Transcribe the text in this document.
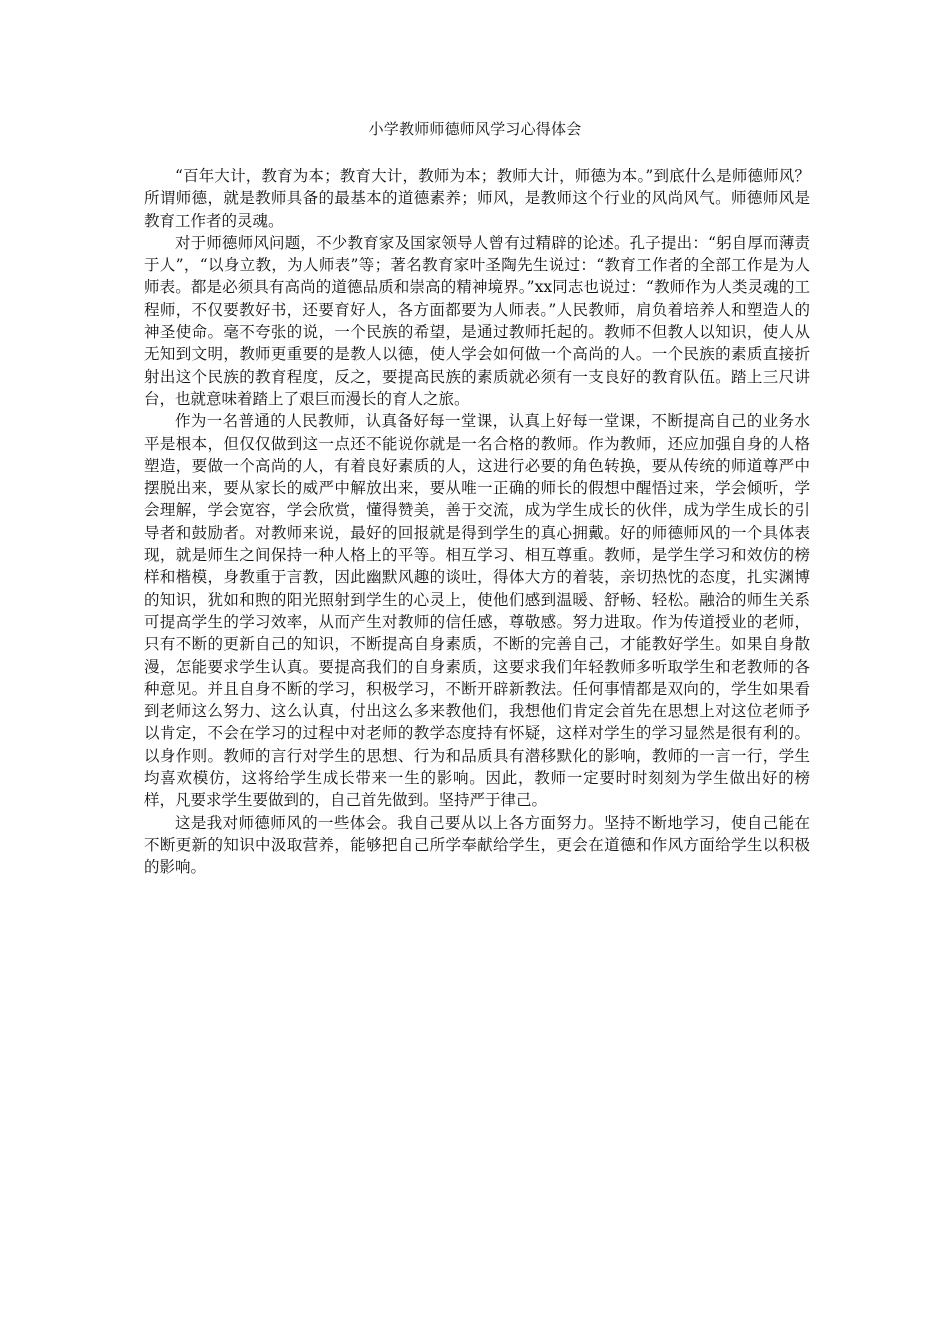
小学教师师德师风学习心得体会

“百年大计，教育为本；教育大计，教师为本；教师大计，师德为本。”到底什么是师德师风？所谓师德，就是教师具备的最基本的道德素养；师风，是教师这个行业的风尚风气。师德师风是教育工作者的灵魂。

对于师德师风问题，不少教育家及国家领导人曾有过精辟的论述。孔子提出：“躬自厚而薄责于人”，“以身立教，为人师表”等；著名教育家叶圣陶先生说过：“教育工作者的全部工作是为人师表。都是必须具有高尚的道德品质和崇高的精神境界。”xx同志也说过：“教师作为人类灵魂的工程师，不仅要教好书，还要育好人，各方面都要为人师表。”人民教师，肩负着培养人和塑造人的神圣使命。毫不夸张的说，一个民族的希望，是通过教师托起的。教师不但教人以知识，使人从无知到文明，教师更重要的是教人以德，使人学会如何做一个高尚的人。一个民族的素质直接折射出这个民族的教育程度，反之，要提高民族的素质就必须有一支良好的教育队伍。踏上三尺讲台，也就意味着踏上了艰巨而漫长的育人之旅。

作为一名普通的人民教师，认真备好每一堂课，认真上好每一堂课，不断提高自己的业务水平是根本，但仅仅做到这一点还不能说你就是一名合格的教师。作为教师，还应加强自身的人格塑造，要做一个高尚的人，有着良好素质的人，这进行必要的角色转换，要从传统的师道尊严中摆脱出来，要从家长的威严中解放出来，要从唯一正确的师长的假想中醒悟过来，学会倾听，学会理解，学会宽容，学会欣赏，懂得赞美，善于交流，成为学生成长的伙伴，成为学生成长的引导者和鼓励者。对教师来说，最好的回报就是得到学生的真心拥戴。好的师德师风的一个具体表现，就是师生之间保持一种人格上的平等。相互学习、相互尊重。教师，是学生学习和效仿的榜样和楷模，身教重于言教，因此幽默风趣的谈吐，得体大方的着装，亲切热忱的态度，扎实渊博的知识，犹如和煦的阳光照射到学生的心灵上，使他们感到温暖、舒畅、轻松。融洽的师生关系可提高学生的学习效率，从而产生对教师的信任感，尊敬感。努力进取。作为传道授业的老师，只有不断的更新自己的知识，不断提高自身素质，不断的完善自己，才能教好学生。如果自身散漫，怎能要求学生认真。要提高我们的自身素质，这要求我们年轻教师多听取学生和老教师的各种意见。并且自身不断的学习，积极学习，不断开辟新教法。任何事情都是双向的，学生如果看到老师这么努力、这么认真，付出这么多来教他们，我想他们肯定会首先在思想上对这位老师予以肯定，不会在学习的过程中对老师的教学态度持有怀疑，这样对学生的学习显然是很有利的。以身作则。教师的言行对学生的思想、行为和品质具有潜移默化的影响，教师的一言一行，学生均喜欢模仿，这将给学生成长带来一生的影响。因此，教师一定要时时刻刻为学生做出好的榜样，凡要求学生要做到的，自己首先做到。坚持严于律己。

这是我对师德师风的一些体会。我自己要从以上各方面努力。坚持不断地学习，使自己能在不断更新的知识中汲取营养，能够把自己所学奉献给学生，更会在道德和作风方面给学生以积极的影响。
